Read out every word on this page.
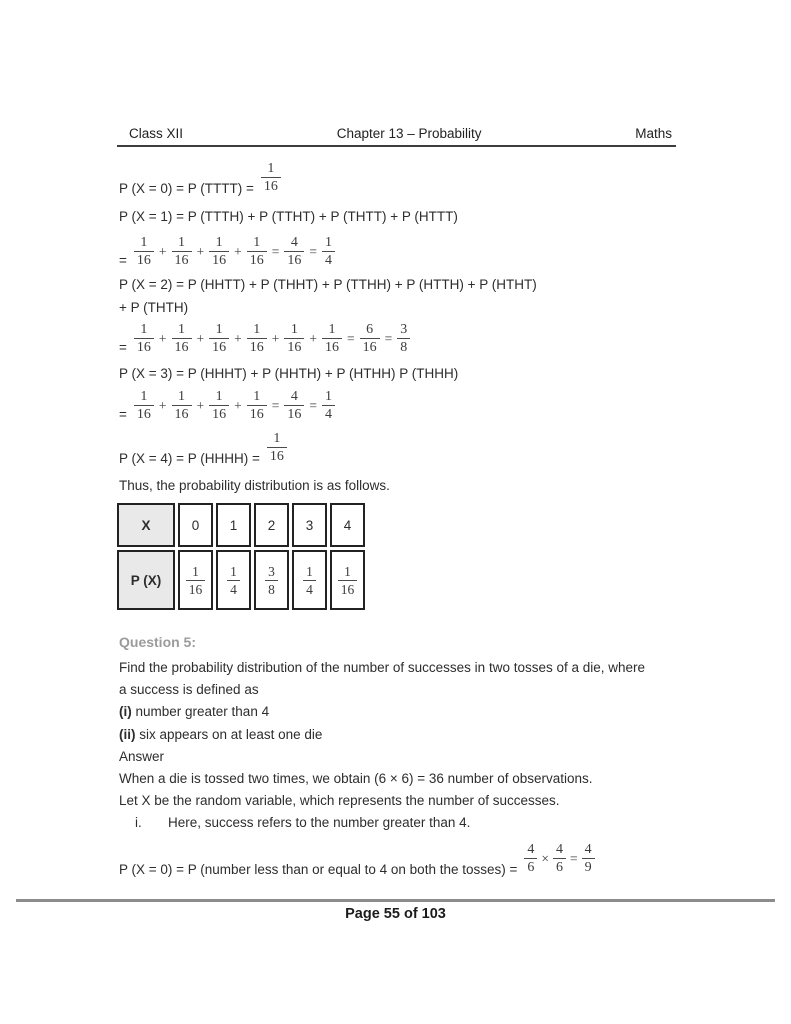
Class XII	Chapter 13 – Probability	Maths
P (X = 0) = P (TTTT) = $\frac{1}{16}$
P (X = 1) = P (TTTH) + P (TTHT) + P (THTT) + P (HTTT)
= $\frac{1}{16} + \frac{1}{16} + \frac{1}{16} + \frac{1}{16} = \frac{4}{16} = \frac{1}{4}$
P (X = 2) = P (HHTT) + P (THHT) + P (TTHH) + P (HTTH) + P (HTHT)
+ P (THTH)
= $\frac{1}{16} + \frac{1}{16} + \frac{1}{16} + \frac{1}{16} + \frac{1}{16} + \frac{1}{16} = \frac{6}{16} = \frac{3}{8}$
P (X = 3) = P (HHHT) + P (HHTH) + P (HTHH) P (THHH)
= $\frac{1}{16} + \frac{1}{16} + \frac{1}{16} + \frac{1}{16} = \frac{4}{16} = \frac{1}{4}$
P (X = 4) = P (HHHH) = $\frac{1}{16}$
Thus, the probability distribution is as follows.
X	0	1	2	3	4
P (X)	$\frac{1}{16}$	$\frac{1}{4}$	$\frac{3}{8}$	$\frac{1}{4}$	$\frac{1}{16}$
Question 5:
Find the probability distribution of the number of successes in two tosses of a die, where
a success is defined as
(i) number greater than 4
(ii) six appears on at least one die
Answer
When a die is tossed two times, we obtain (6 × 6) = 36 number of observations.
Let X be the random variable, which represents the number of successes.
i.	Here, success refers to the number greater than 4.
P (X = 0) = P (number less than or equal to 4 on both the tosses) = $\frac{4}{6} \times \frac{4}{6} = \frac{4}{9}$
Page 55 of 103
